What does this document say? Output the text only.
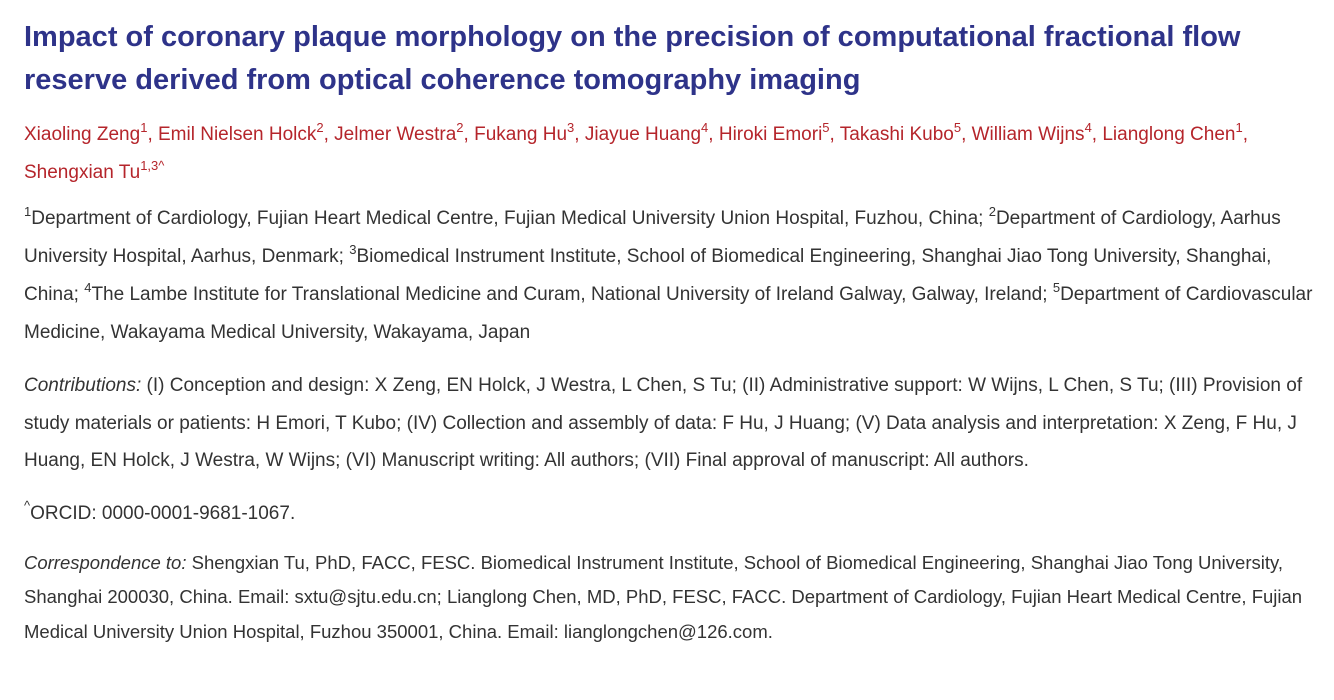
Impact of coronary plaque morphology on the precision of computational fractional flow reserve derived from optical coherence tomography imaging
Xiaoling Zeng$^1$, Emil Nielsen Holck$^2$, Jelmer Westra$^2$, Fukang Hu$^3$, Jiayue Huang$^4$, Hiroki Emori$^5$, Takashi Kubo$^5$, William Wijns$^4$, Lianglong Chen$^1$, Shengxian $Tu^{1,3\^{}}$
$^1$Department of Cardiology, Fujian Heart Medical Centre, Fujian Medical University Union Hospital, Fuzhou, China; $^2$Department of Cardiology, Aarhus University Hospital, Aarhus, Denmark; $^3$Biomedical Instrument Institute, School of Biomedical Engineering, Shanghai Jiao Tong University, Shanghai, China; $^4$The Lambe Institute for Translational Medicine and Curam, National University of Ireland Galway, Galway, Ireland; $^5$Department of Cardiovascular Medicine, Wakayama Medical University, Wakayama, Japan
Contributions: (I) Conception and design: X Zeng, EN Holck, J Westra, L Chen, S Tu; (II) Administrative support: W Wijns, L Chen, S Tu; (III) Provision of study materials or patients: H Emori, T Kubo; (IV) Collection and assembly of data: F Hu, J Huang; (V) Data analysis and interpretation: X Zeng, F Hu, J Huang, EN Holck, J Westra, W Wijns; (VI) Manuscript writing: All authors; (VII) Final approval of manuscript: All authors.
^ORCID: 0000-0001-9681-1067.
Correspondence to: Shengxian Tu, PhD, FACC, FESC. Biomedical Instrument Institute, School of Biomedical Engineering, Shanghai Jiao Tong University, Shanghai 200030, China. Email: sxtu@sjtu.edu.cn; Lianglong Chen, MD, PhD, FESC, FACC. Department of Cardiology, Fujian Heart Medical Centre, Fujian Medical University Union Hospital, Fuzhou 350001, China. Email: lianglongchen@126.com.
